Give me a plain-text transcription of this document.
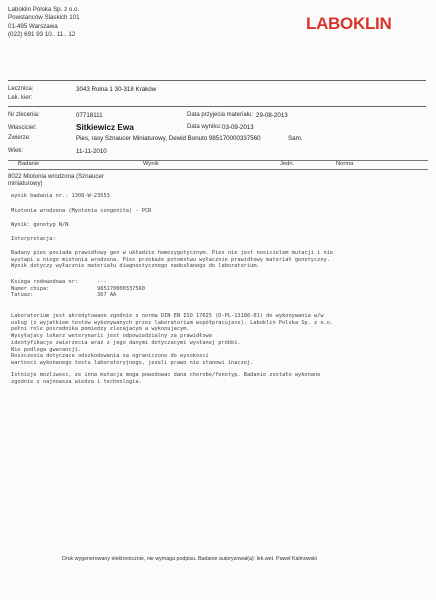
Laboklin Polska Sp. z o.o.
Powstanców Slaskich 101
01-495 Warszawa
(022) 691 93 10.. 11.. 12
LABOKLIN
Lecznica:	3043 Rolna 1 30-318 Kraków
Lek. kier:
Nr zlecenia:	07718111	Data przyjecia materiału: 29-08-2013
Własciciel:	Sitkiewicz Ewa	Data wyniku: 03-09-2013
Zwierze:	Pies, rasy Sznaucer Miniaturowy, Dewid Bonuto 985170000337560	Sam.
Wiek:	11-11-2010
Badanie	Wynik	Jedn.	Norma
8022 Miotonia wrodzona (Sznaucer
miniaturowy)
wynik badania nr.: 1308-W-23553
Miotonia wrodzona (Myotonia congenita) - PCR
Wynik: genotyp N/N
Interpretacja:
Badany pies posiada prawidłowy gen w układzie homozygotycznym. Pies nie jest nosicielem mutacji i nie
wystapi u niego miotonia wrodzona. Pies przekaże potomstwu wyłacznie prawidłowy materiał genetyczny.
Wynik dotyczy wyłacznie materiału diagnostycznego nadesłanego do laboratorium.
Ksiega rodowodowa nr:      ---
Numer chipa:               985170000337560
Tatuaz:                    367 AA
Laboratorium jest akredytowane zgodnie z norma DIN EN ISO 17025 (D-PL-13186-01) do wykonywania w/w
usług (z wyjatkiem testów wykonywanych przez laboratorium współpracujace). Laboklin Polska Sp. z o.o.
pełni role posrednika pomiedzy zlecajacym a wykonujacym.
Wysyłajacy lekarz weterynarii jest odpowiedzialny za prawidłowa
identyfikacje zwierzecia wraz z jego danymi dotyczacymi wysłanej próbki.
Nie podlega gwarancji.
Roszczenia dotyczace odszkodowania sa ograniczone do wysokosci
wartosci wykonanego testu laboratoryjnego, jezeli prawo nie stanowi inaczej.
Istnieje mozliwosc, ze inna mutacja moga powodowac dana chorobe/fenotyp. Badanie zostało wykonane
zgodnie z najnowsza wiedza i technologia.
Druk wygenerowany elektronicznie, nie wymaga podpisu. Badanie autoryzował(a): lek.wet. Paweł Kalinowski
